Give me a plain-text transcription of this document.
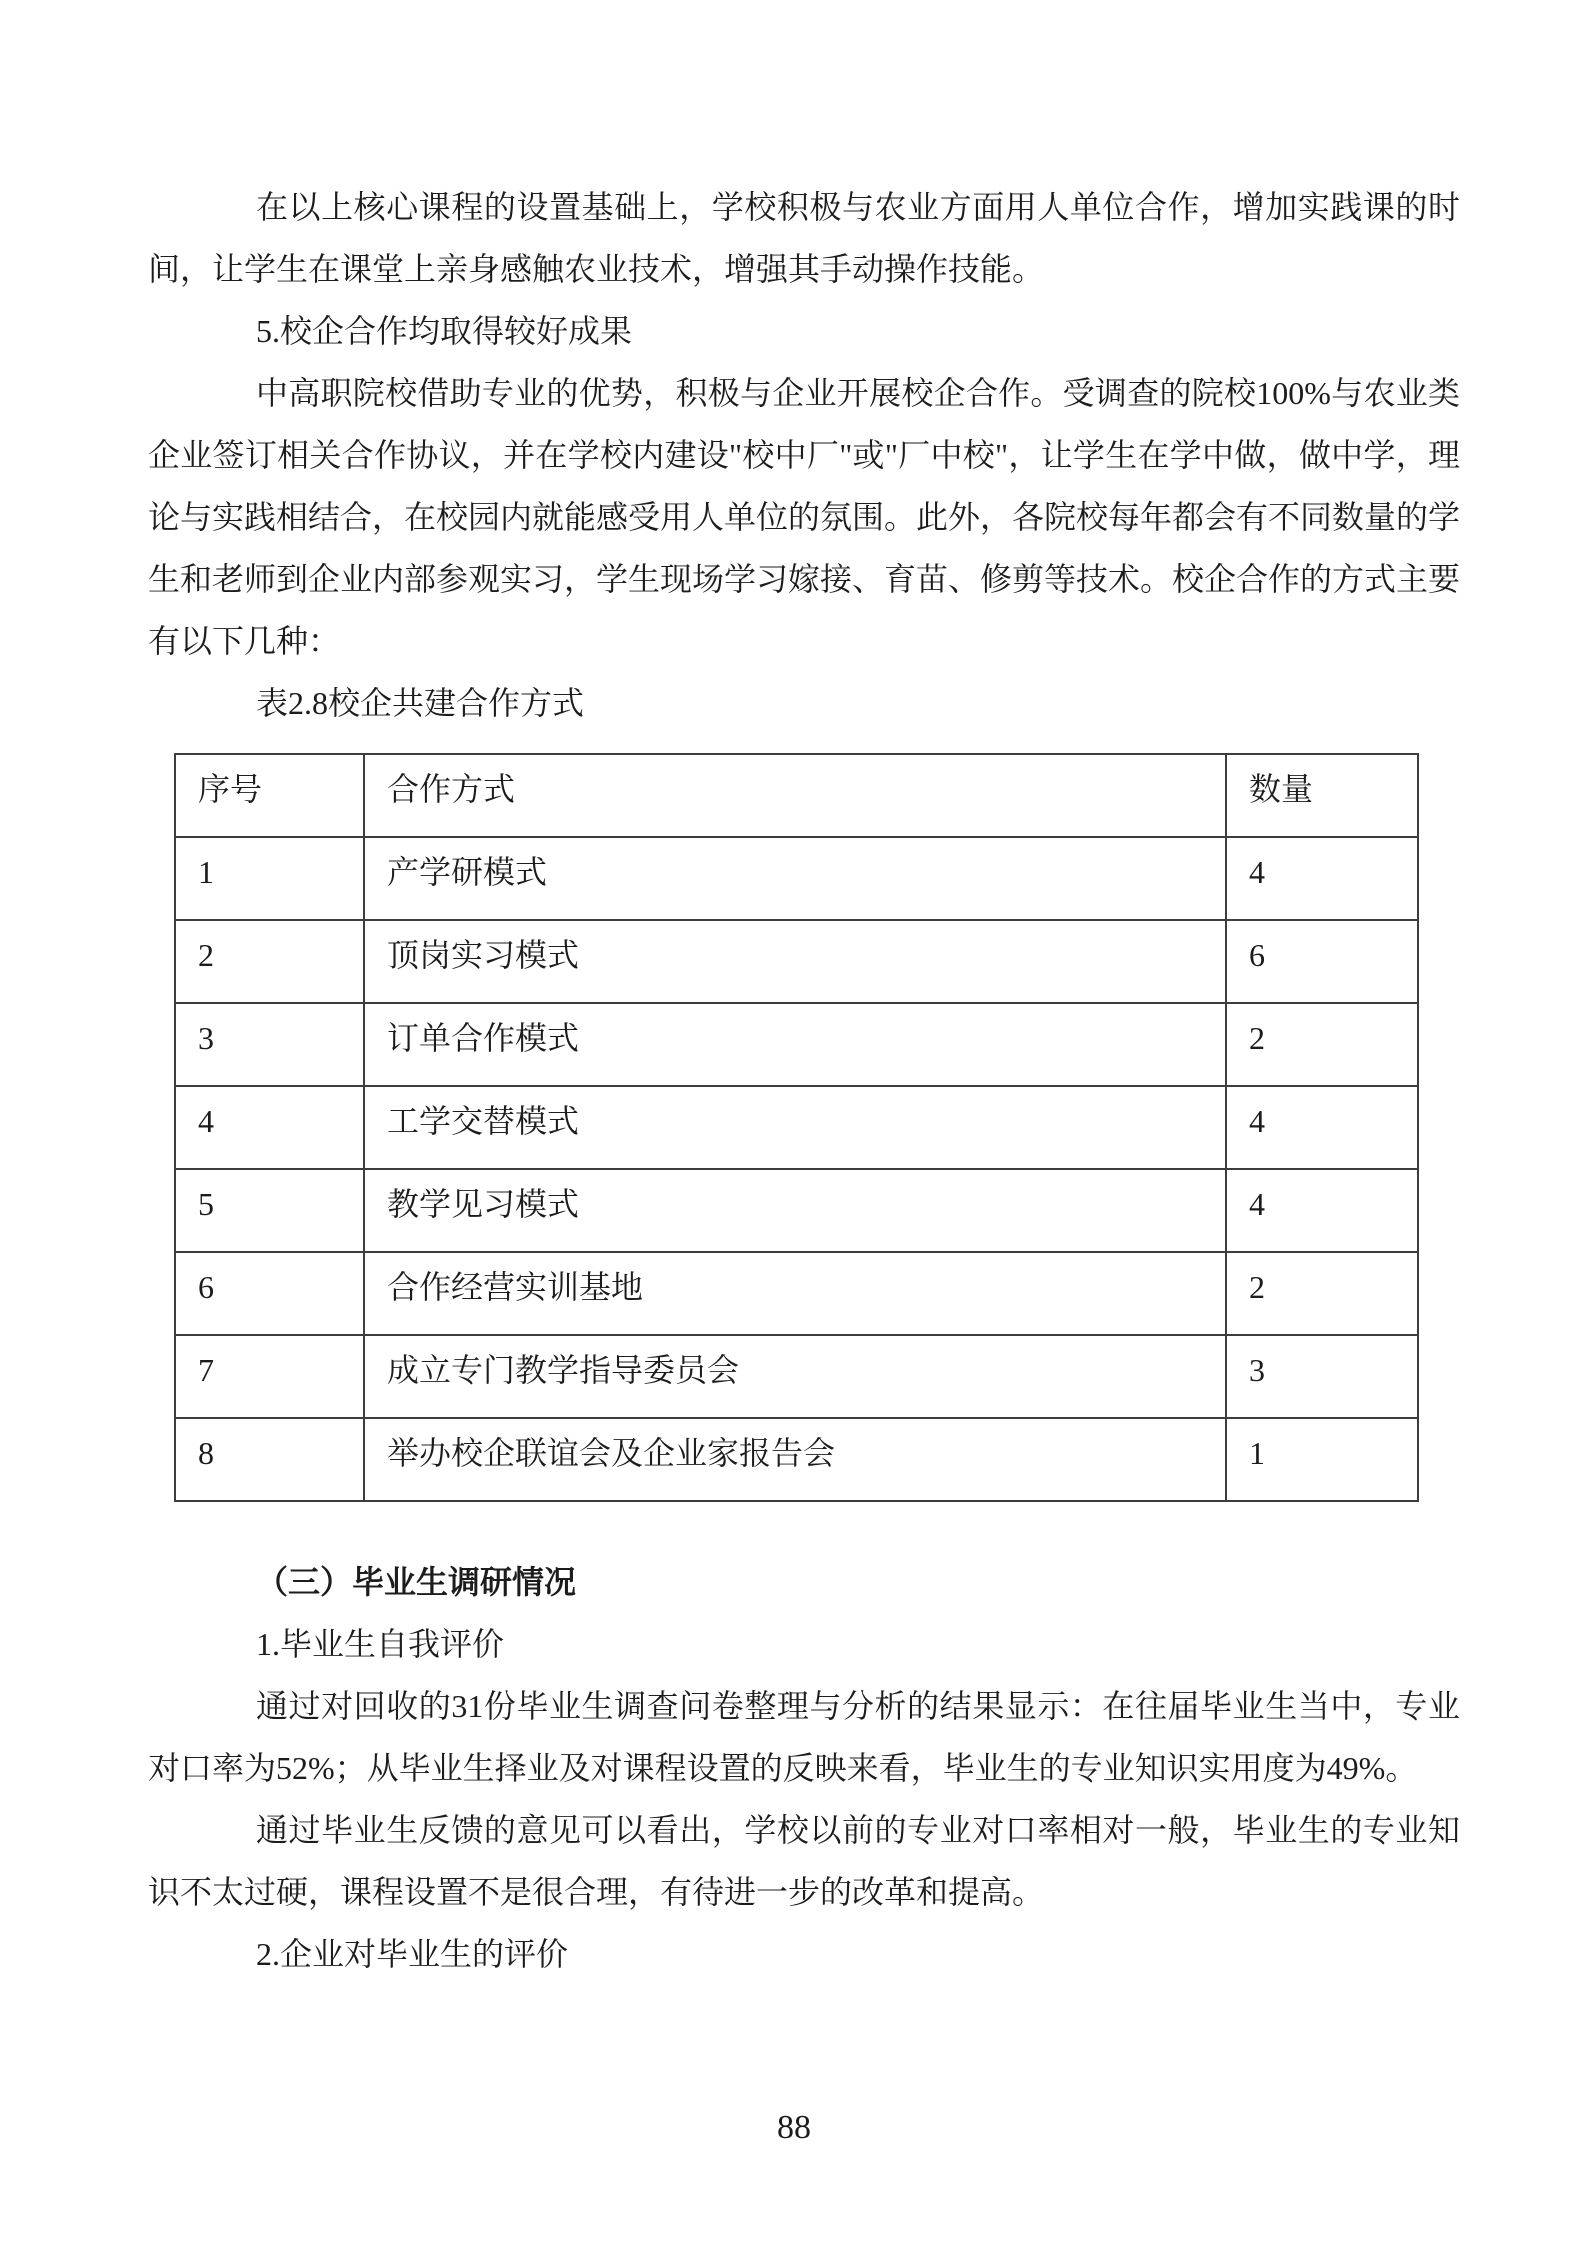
在以上核心课程的设置基础上，学校积极与农业方面用人单位合作，增加实践课的时间，让学生在课堂上亲身感触农业技术，增强其手动操作技能。

5.校企合作均取得较好成果

中高职院校借助专业的优势，积极与企业开展校企合作。受调查的院校100%与农业类企业签订相关合作协议，并在学校内建设"校中厂"或"厂中校"，让学生在学中做，做中学，理论与实践相结合，在校园内就能感受用人单位的氛围。此外，各院校每年都会有不同数量的学生和老师到企业内部参观实习，学生现场学习嫁接、育苗、修剪等技术。校企合作的方式主要有以下几种：

表2.8校企共建合作方式

序号	合作方式	数量
1	产学研模式	4
2	顶岗实习模式	6
3	订单合作模式	2
4	工学交替模式	4
5	教学见习模式	4
6	合作经营实训基地	2
7	成立专门教学指导委员会	3
8	举办校企联谊会及企业家报告会	1

（三）毕业生调研情况

1.毕业生自我评价

通过对回收的31份毕业生调查问卷整理与分析的结果显示：在往届毕业生当中，专业对口率为52%；从毕业生择业及对课程设置的反映来看，毕业生的专业知识实用度为49%。

通过毕业生反馈的意见可以看出，学校以前的专业对口率相对一般，毕业生的专业知识不太过硬，课程设置不是很合理，有待进一步的改革和提高。

2.企业对毕业生的评价

88
